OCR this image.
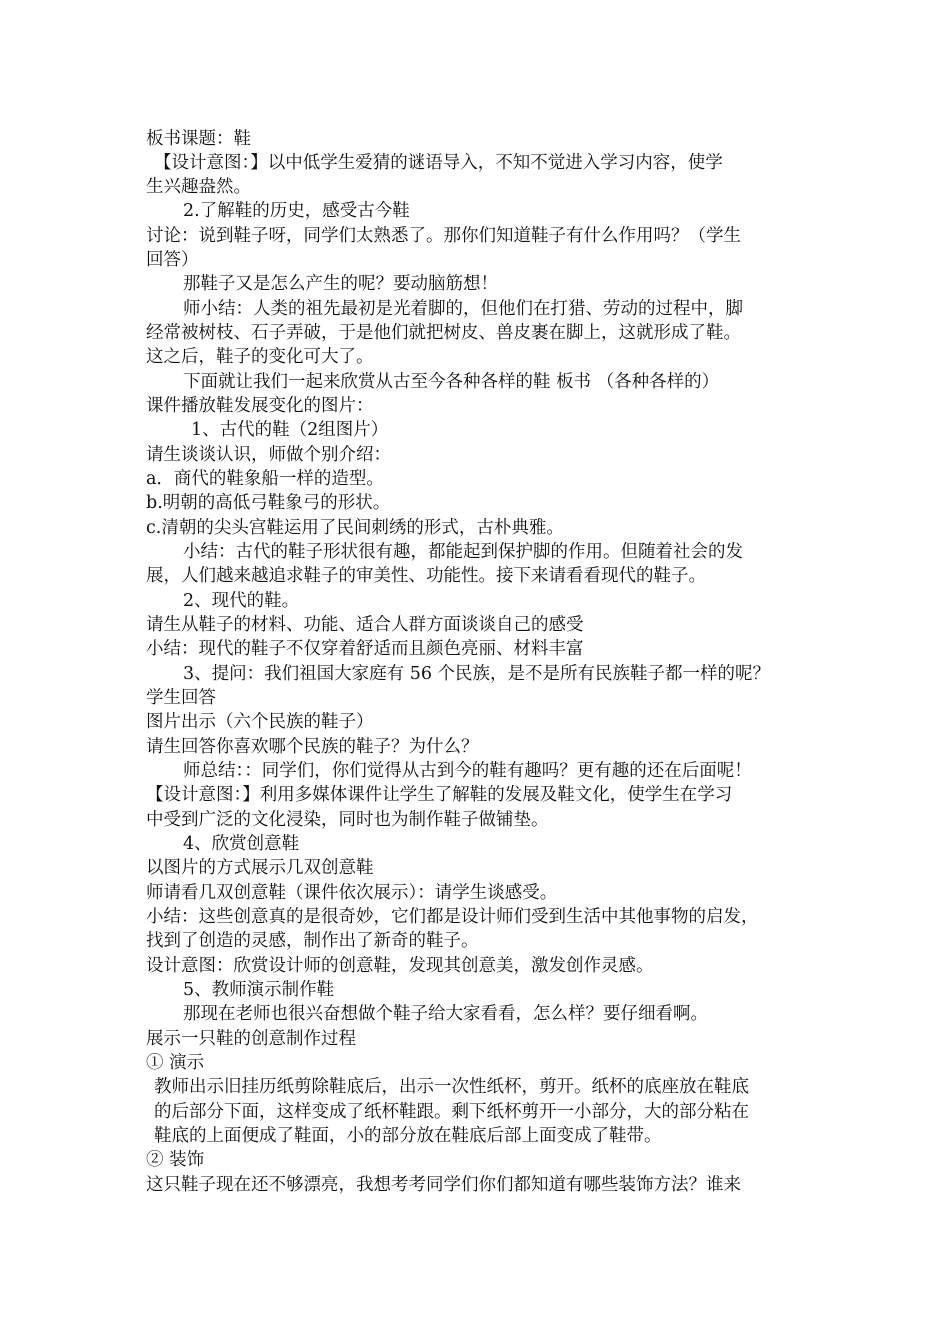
板书课题：鞋
【设计意图：】以中低学生爱猜的谜语导入，不知不觉进入学习内容，使学
生兴趣盎然。
2.了解鞋的历史，感受古今鞋
讨论：说到鞋子呀，同学们太熟悉了。那你们知道鞋子有什么作用吗？（学生
回答）
那鞋子又是怎么产生的呢？要动脑筋想！
师小结：人类的祖先最初是光着脚的，但他们在打猎、劳动的过程中，脚
经常被树枝、石子弄破，于是他们就把树皮、兽皮裹在脚上，这就形成了鞋。
这之后，鞋子的变化可大了。
下面就让我们一起来欣赏从古至今各种各样的鞋 板书 （各种各样的）
课件播放鞋发展变化的图片：
1、古代的鞋（2组图片）
请生谈谈认识，师做个别介绍：
a．商代的鞋象船一样的造型。
b.明朝的高低弓鞋象弓的形状。
c.清朝的尖头宫鞋运用了民间刺绣的形式，古朴典雅。
小结：古代的鞋子形状很有趣，都能起到保护脚的作用。但随着社会的发
展，人们越来越追求鞋子的审美性、功能性。接下来请看看现代的鞋子。
2、现代的鞋。
请生从鞋子的材料、功能、适合人群方面谈谈自己的感受
小结：现代的鞋子不仅穿着舒适而且颜色亮丽、材料丰富
3、提问：我们祖国大家庭有 56 个民族，是不是所有民族鞋子都一样的呢？
学生回答
图片出示（六个民族的鞋子）
请生回答你喜欢哪个民族的鞋子？为什么？
师总结：：同学们，你们觉得从古到今的鞋有趣吗？更有趣的还在后面呢！
【设计意图：】利用多媒体课件让学生了解鞋的发展及鞋文化，使学生在学习
中受到广泛的文化浸染，同时也为制作鞋子做铺垫。
4、欣赏创意鞋
以图片的方式展示几双创意鞋
师请看几双创意鞋（课件依次展示）：请学生谈感受。
小结：这些创意真的是很奇妙，它们都是设计师们受到生活中其他事物的启发，
找到了创造的灵感，制作出了新奇的鞋子。
设计意图：欣赏设计师的创意鞋，发现其创意美，激发创作灵感。
5、教师演示制作鞋
那现在老师也很兴奋想做个鞋子给大家看看，怎么样？要仔细看啊。
展示一只鞋的创意制作过程
① 演示
教师出示旧挂历纸剪除鞋底后，出示一次性纸杯，剪开。纸杯的底座放在鞋底
的后部分下面，这样变成了纸杯鞋跟。剩下纸杯剪开一小部分，大的部分粘在
鞋底的上面便成了鞋面，小的部分放在鞋底后部上面变成了鞋带。
② 装饰
这只鞋子现在还不够漂亮，我想考考同学们你们都知道有哪些装饰方法？谁来
